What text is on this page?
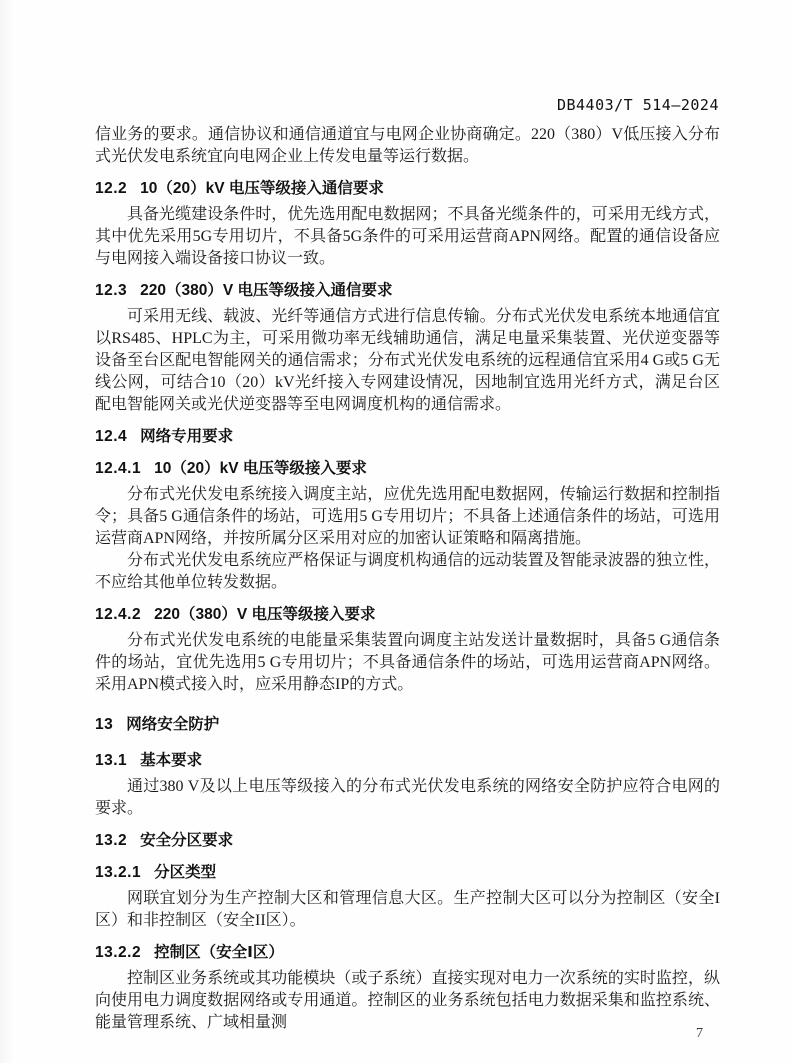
DB4403/T 514—2024

信业务的要求。通信协议和通信通道宜与电网企业协商确定。220（380）V低压接入分布式光伏发电系统宜向电网企业上传发电量等运行数据。

12.2 10（20）kV 电压等级接入通信要求

具备光缆建设条件时，优先选用配电数据网；不具备光缆条件的，可采用无线方式，其中优先采用5G专用切片，不具备5G条件的可采用运营商APN网络。配置的通信设备应与电网接入端设备接口协议一致。

12.3 220（380）V 电压等级接入通信要求

可采用无线、载波、光纤等通信方式进行信息传输。分布式光伏发电系统本地通信宜以RS485、HPLC为主，可采用微功率无线辅助通信，满足电量采集装置、光伏逆变器等设备至台区配电智能网关的通信需求；分布式光伏发电系统的远程通信宜采用4 G或5 G无线公网，可结合10（20）kV光纤接入专网建设情况，因地制宜选用光纤方式，满足台区配电智能网关或光伏逆变器等至电网调度机构的通信需求。

12.4 网络专用要求
12.4.1 10（20）kV 电压等级接入要求

分布式光伏发电系统接入调度主站，应优先选用配电数据网，传输运行数据和控制指令；具备5 G通信条件的场站，可选用5 G专用切片；不具备上述通信条件的场站，可选用运营商APN网络，并按所属分区采用对应的加密认证策略和隔离措施。

分布式光伏发电系统应严格保证与调度机构通信的远动装置及智能录波器的独立性，不应给其他单位转发数据。

12.4.2 220（380）V 电压等级接入要求

分布式光伏发电系统的电能量采集装置向调度主站发送计量数据时，具备5 G通信条件的场站，宜优先选用5 G专用切片；不具备通信条件的场站，可选用运营商APN网络。采用APN模式接入时，应采用静态IP的方式。

13 网络安全防护
13.1 基本要求

通过380 V及以上电压等级接入的分布式光伏发电系统的网络安全防护应符合电网的要求。

13.2 安全分区要求
13.2.1 分区类型

网联宜划分为生产控制大区和管理信息大区。生产控制大区可以分为控制区（安全I区）和非控制区（安全II区）。

13.2.2 控制区（安全Ⅰ区）

控制区业务系统或其功能模块（或子系统）直接实现对电力一次系统的实时监控，纵向使用电力调度数据网络或专用通道。控制区的业务系统包括电力数据采集和监控系统、能量管理系统、广域相量测

7
